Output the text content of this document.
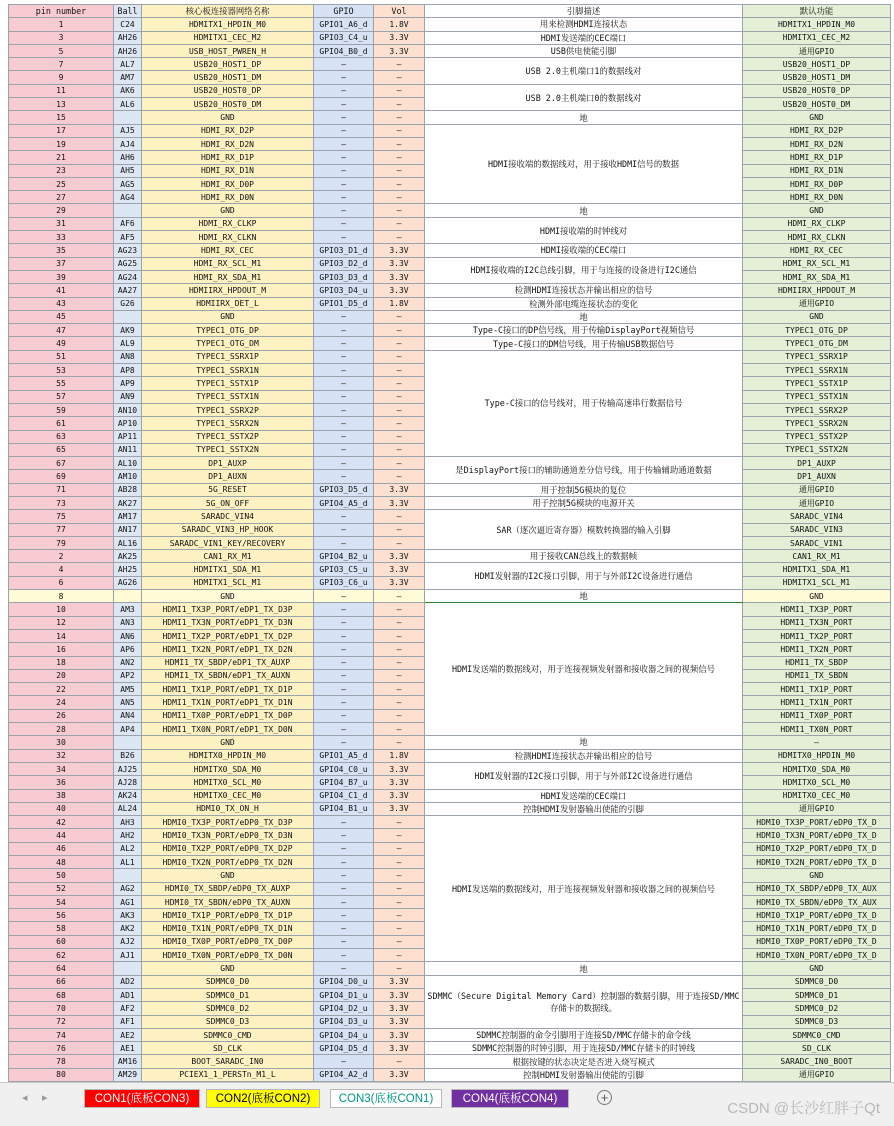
pin number	Ball	核心板连接器网络名称	GPIO	Vol	引脚描述	默认功能
1	C24	HDMITX1_HPDIN_M0	GPIO1_A6_d	1.8V	用来检测HDMI连接状态	HDMITX1_HPDIN_M0
3	AH26	HDMITX1_CEC_M2	GPIO3_C4_u	3.3V	HDMI发送端的CEC端口	HDMITX1_CEC_M2
5	AH26	USB_HOST_PWREN_H	GPIO4_B0_d	3.3V	USB供电使能引脚	通用GPIO
7	AL7	USB20_HOST1_DP	—	—	USB 2.0主机端口1的数据线对	USB20_HOST1_DP
9	AM7	USB20_HOST1_DM	—	—		USB20_HOST1_DM
11	AK6	USB20_HOST0_DP	—	—	USB 2.0主机端口0的数据线对	USB20_HOST0_DP
13	AL6	USB20_HOST0_DM	—	—		USB20_HOST0_DM
15		GND	—	—	地	GND
17	AJ5	HDMI_RX_D2P	—	—	HDMI接收端的数据线对，用于接收HDMI信号的数据	HDMI_RX_D2P
19	AJ4	HDMI_RX_D2N	—	—		HDMI_RX_D2N
21	AH6	HDMI_RX_D1P	—	—		HDMI_RX_D1P
23	AH5	HDMI_RX_D1N	—	—		HDMI_RX_D1N
25	AG5	HDMI_RX_D0P	—	—		HDMI_RX_D0P
27	AG4	HDMI_RX_D0N	—	—		HDMI_RX_D0N
29		GND	—	—	地	GND
31	AF6	HDMI_RX_CLKP	—	—	HDMI接收端的时钟线对	HDMI_RX_CLKP
33	AF5	HDMI_RX_CLKN	—	—		HDMI_RX_CLKN
35	AG23	HDMI_RX_CEC	GPIO3_D1_d	3.3V	HDMI接收端的CEC端口	HDMI_RX_CEC
37	AG25	HDMI_RX_SCL_M1	GPIO3_D2_d	3.3V	HDMI接收端的I2C总线引脚，用于与连接的设备进行I2C通信	HDMI_RX_SCL_M1
39	AG24	HDMI_RX_SDA_M1	GPIO3_D3_d	3.3V		HDMI_RX_SDA_M1
41	AA27	HDMIIRX_HPDOUT_M	GPIO3_D4_u	3.3V	检测HDMI连接状态并输出相应的信号	HDMIIRX_HPDOUT_M
43	G26	HDMIIRX_DET_L	GPIO1_D5_d	1.8V	检测外部电缆连接状态的变化	通用GPIO
45		GND	—	—	地	GND
47	AK9	TYPEC1_OTG_DP	—	—	Type-C接口的DP信号线，用于传输DisplayPort视频信号	TYPEC1_OTG_DP
49	AL9	TYPEC1_OTG_DM	—	—	Type-C接口的DM信号线，用于传输USB数据信号	TYPEC1_OTG_DM
51	AN8	TYPEC1_SSRX1P	—	—	Type-C接口的信号线对，用于传输高速串行数据信号	TYPEC1_SSRX1P
53	AP8	TYPEC1_SSRX1N	—	—		TYPEC1_SSRX1N
55	AP9	TYPEC1_SSTX1P	—	—		TYPEC1_SSTX1P
57	AN9	TYPEC1_SSTX1N	—	—		TYPEC1_SSTX1N
59	AN10	TYPEC1_SSRX2P	—	—		TYPEC1_SSRX2P
61	AP10	TYPEC1_SSRX2N	—	—		TYPEC1_SSRX2N
63	AP11	TYPEC1_SSTX2P	—	—		TYPEC1_SSTX2P
65	AN11	TYPEC1_SSTX2N	—	—		TYPEC1_SSTX2N
67	AL10	DP1_AUXP	—	—	是DisplayPort接口的辅助通道差分信号线，用于传输辅助通道数据	DP1_AUXP
69	AM10	DP1_AUXN	—	—		DP1_AUXN
71	AB28	5G_RESET	GPIO3_D5_d	3.3V	用于控制5G模块的复位	通用GPIO
73	AK27	5G_ON_OFF	GPIO4_A5_d	3.3V	用于控制5G模块的电源开关	通用GPIO
75	AM17	SARADC_VIN4	—	—	SAR（逐次逼近寄存器）模数转换器的输入引脚	SARADC_VIN4
77	AN17	SARADC_VIN3_HP_HOOK	—	—		SARADC_VIN3
79	AL16	SARADC_VIN1_KEY/RECOVERY	—	—		SARADC_VIN1
2	AK25	CAN1_RX_M1	GPIO4_B2_u	3.3V	用于接收CAN总线上的数据帧	CAN1_RX_M1
4	AH25	HDMITX1_SDA_M1	GPIO3_C5_u	3.3V	HDMI发射器的I2C接口引脚，用于与外部I2C设备进行通信	HDMITX1_SDA_M1
6	AG26	HDMITX1_SCL_M1	GPIO3_C6_u	3.3V		HDMITX1_SCL_M1
8		GND	—	—	地	GND
10	AM3	HDMI1_TX3P_PORT/eDP1_TX_D3P	—	—	HDMI发送端的数据线对，用于连接视频发射器和接收器之间的视频信号	HDMI1_TX3P_PORT
12	AN3	HDMI1_TX3N_PORT/eDP1_TX_D3N	—	—		HDMI1_TX3N_PORT
14	AN6	HDMI1_TX2P_PORT/eDP1_TX_D2P	—	—		HDMI1_TX2P_PORT
16	AP6	HDMI1_TX2N_PORT/eDP1_TX_D2N	—	—		HDMI1_TX2N_PORT
18	AN2	HDMI1_TX_SBDP/eDP1_TX_AUXP	—	—		HDMI1_TX_SBDP
20	AP2	HDMI1_TX_SBDN/eDP1_TX_AUXN	—	—		HDMI1_TX_SBDN
22	AM5	HDMI1_TX1P_PORT/eDP1_TX_D1P	—	—		HDMI1_TX1P_PORT
24	AN5	HDMI1_TX1N_PORT/eDP1_TX_D1N	—	—		HDMI1_TX1N_PORT
26	AN4	HDMI1_TX0P_PORT/eDP1_TX_D0P	—	—		HDMI1_TX0P_PORT
28	AP4	HDMI1_TX0N_PORT/eDP1_TX_D0N	—	—		HDMI1_TX0N_PORT
30		GND	—	—	地	—
32	B26	HDMITX0_HPDIN_M0	GPIO1_A5_d	1.8V	检测HDMI连接状态并输出相应的信号	HDMITX0_HPDIN_M0
34	AJ25	HDMITX0_SDA_M0	GPIO4_C0_u	3.3V	HDMI发射器的I2C接口引脚，用于与外部I2C设备进行通信	HDMITX0_SDA_M0
36	AJ28	HDMITX0_SCL_M0	GPIO4_B7_u	3.3V		HDMITX0_SCL_M0
38	AK24	HDMITX0_CEC_M0	GPIO4_C1_d	3.3V	HDMI发送端的CEC端口	HDMITX0_CEC_M0
40	AL24	HDMI0_TX_ON_H	GPIO4_B1_u	3.3V	控制HDMI发射器输出使能的引脚	通用GPIO
42	AH3	HDMI0_TX3P_PORT/eDP0_TX_D3P	—	—	HDMI发送端的数据线对，用于连接视频发射器和接收器之间的视频信号	HDMI0_TX3P_PORT/eDP0_TX_D
44	AH2	HDMI0_TX3N_PORT/eDP0_TX_D3N	—	—		HDMI0_TX3N_PORT/eDP0_TX_D
46	AL2	HDMI0_TX2P_PORT/eDP0_TX_D2P	—	—		HDMI0_TX2P_PORT/eDP0_TX_D
48	AL1	HDMI0_TX2N_PORT/eDP0_TX_D2N	—	—		HDMI0_TX2N_PORT/eDP0_TX_D
50		GND	—	—		GND
52	AG2	HDMI0_TX_SBDP/eDP0_TX_AUXP	—	—		HDMI0_TX_SBDP/eDP0_TX_AUX
54	AG1	HDMI0_TX_SBDN/eDP0_TX_AUXN	—	—		HDMI0_TX_SBDN/eDP0_TX_AUX
56	AK3	HDMI0_TX1P_PORT/eDP0_TX_D1P	—	—		HDMI0_TX1P_PORT/eDP0_TX_D
58	AK2	HDMI0_TX1N_PORT/eDP0_TX_D1N	—	—		HDMI0_TX1N_PORT/eDP0_TX_D
60	AJ2	HDMI0_TX0P_PORT/eDP0_TX_D0P	—	—		HDMI0_TX0P_PORT/eDP0_TX_D
62	AJ1	HDMI0_TX0N_PORT/eDP0_TX_D0N	—	—		HDMI0_TX0N_PORT/eDP0_TX_D
64		GND	—	—	地	GND
66	AD2	SDMMC0_D0	GPIO4_D0_u	3.3V	SDMMC（Secure Digital Memory Card）控制器的数据引脚，用于连接SD/MMC存储卡的数据线。	SDMMC0_D0
68	AD1	SDMMC0_D1	GPIO4_D1_u	3.3V		SDMMC0_D1
70	AF2	SDMMC0_D2	GPIO4_D2_u	3.3V		SDMMC0_D2
72	AF1	SDMMC0_D3	GPIO4_D3_u	3.3V		SDMMC0_D3
74	AE2	SDMMC0_CMD	GPIO4_D4_u	3.3V	SDMMC控制器的命令引脚用于连接SD/MMC存储卡的命令线	SDMMC0_CMD
76	AE1	SD_CLK	GPIO4_D5_d	3.3V	SDMMC控制器的时钟引脚，用于连接SD/MMC存储卡的时钟线	SD_CLK
78	AM16	BOOT_SARADC_IN0	—	—	根据按键的状态决定是否进入烧写模式	SARADC_IN0_BOOT
80	AM29	PCIEX1_1_PERSTn_M1_L	GPIO4_A2_d	3.3V	控制HDMI发射器输出使能的引脚	通用GPIO
◂ ▸	CON1(底板CON3)	CON2(底板CON2)	CON3(底板CON1)	CON4(底板CON4)	+
CSDN @长沙红胖子Qt
